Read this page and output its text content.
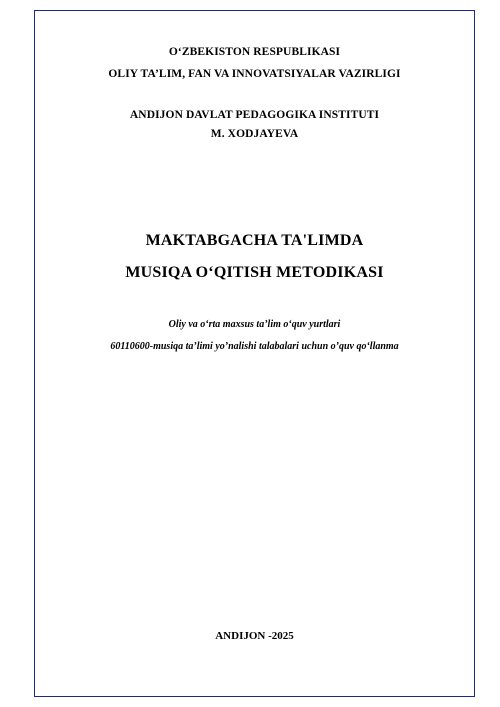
O‘ZBEKISTON RESPUBLIKASI
OLIY TA’LIM, FAN VA INNOVATSIYALAR VAZIRLIGI
ANDIJON DAVLAT PEDAGOGIKA INSTITUTI
M. XODJAYEVA
MAKTABGACHA TA'LIMDA
MUSIQA O‘QITISH METODIKASI
Oliy va o‘rta maxsus ta’lim o‘quv yurtlari
60110600-musiqa ta’limi yo’nalishi talabalari uchun o’quv qo‘llanma
ANDIJON -2025
